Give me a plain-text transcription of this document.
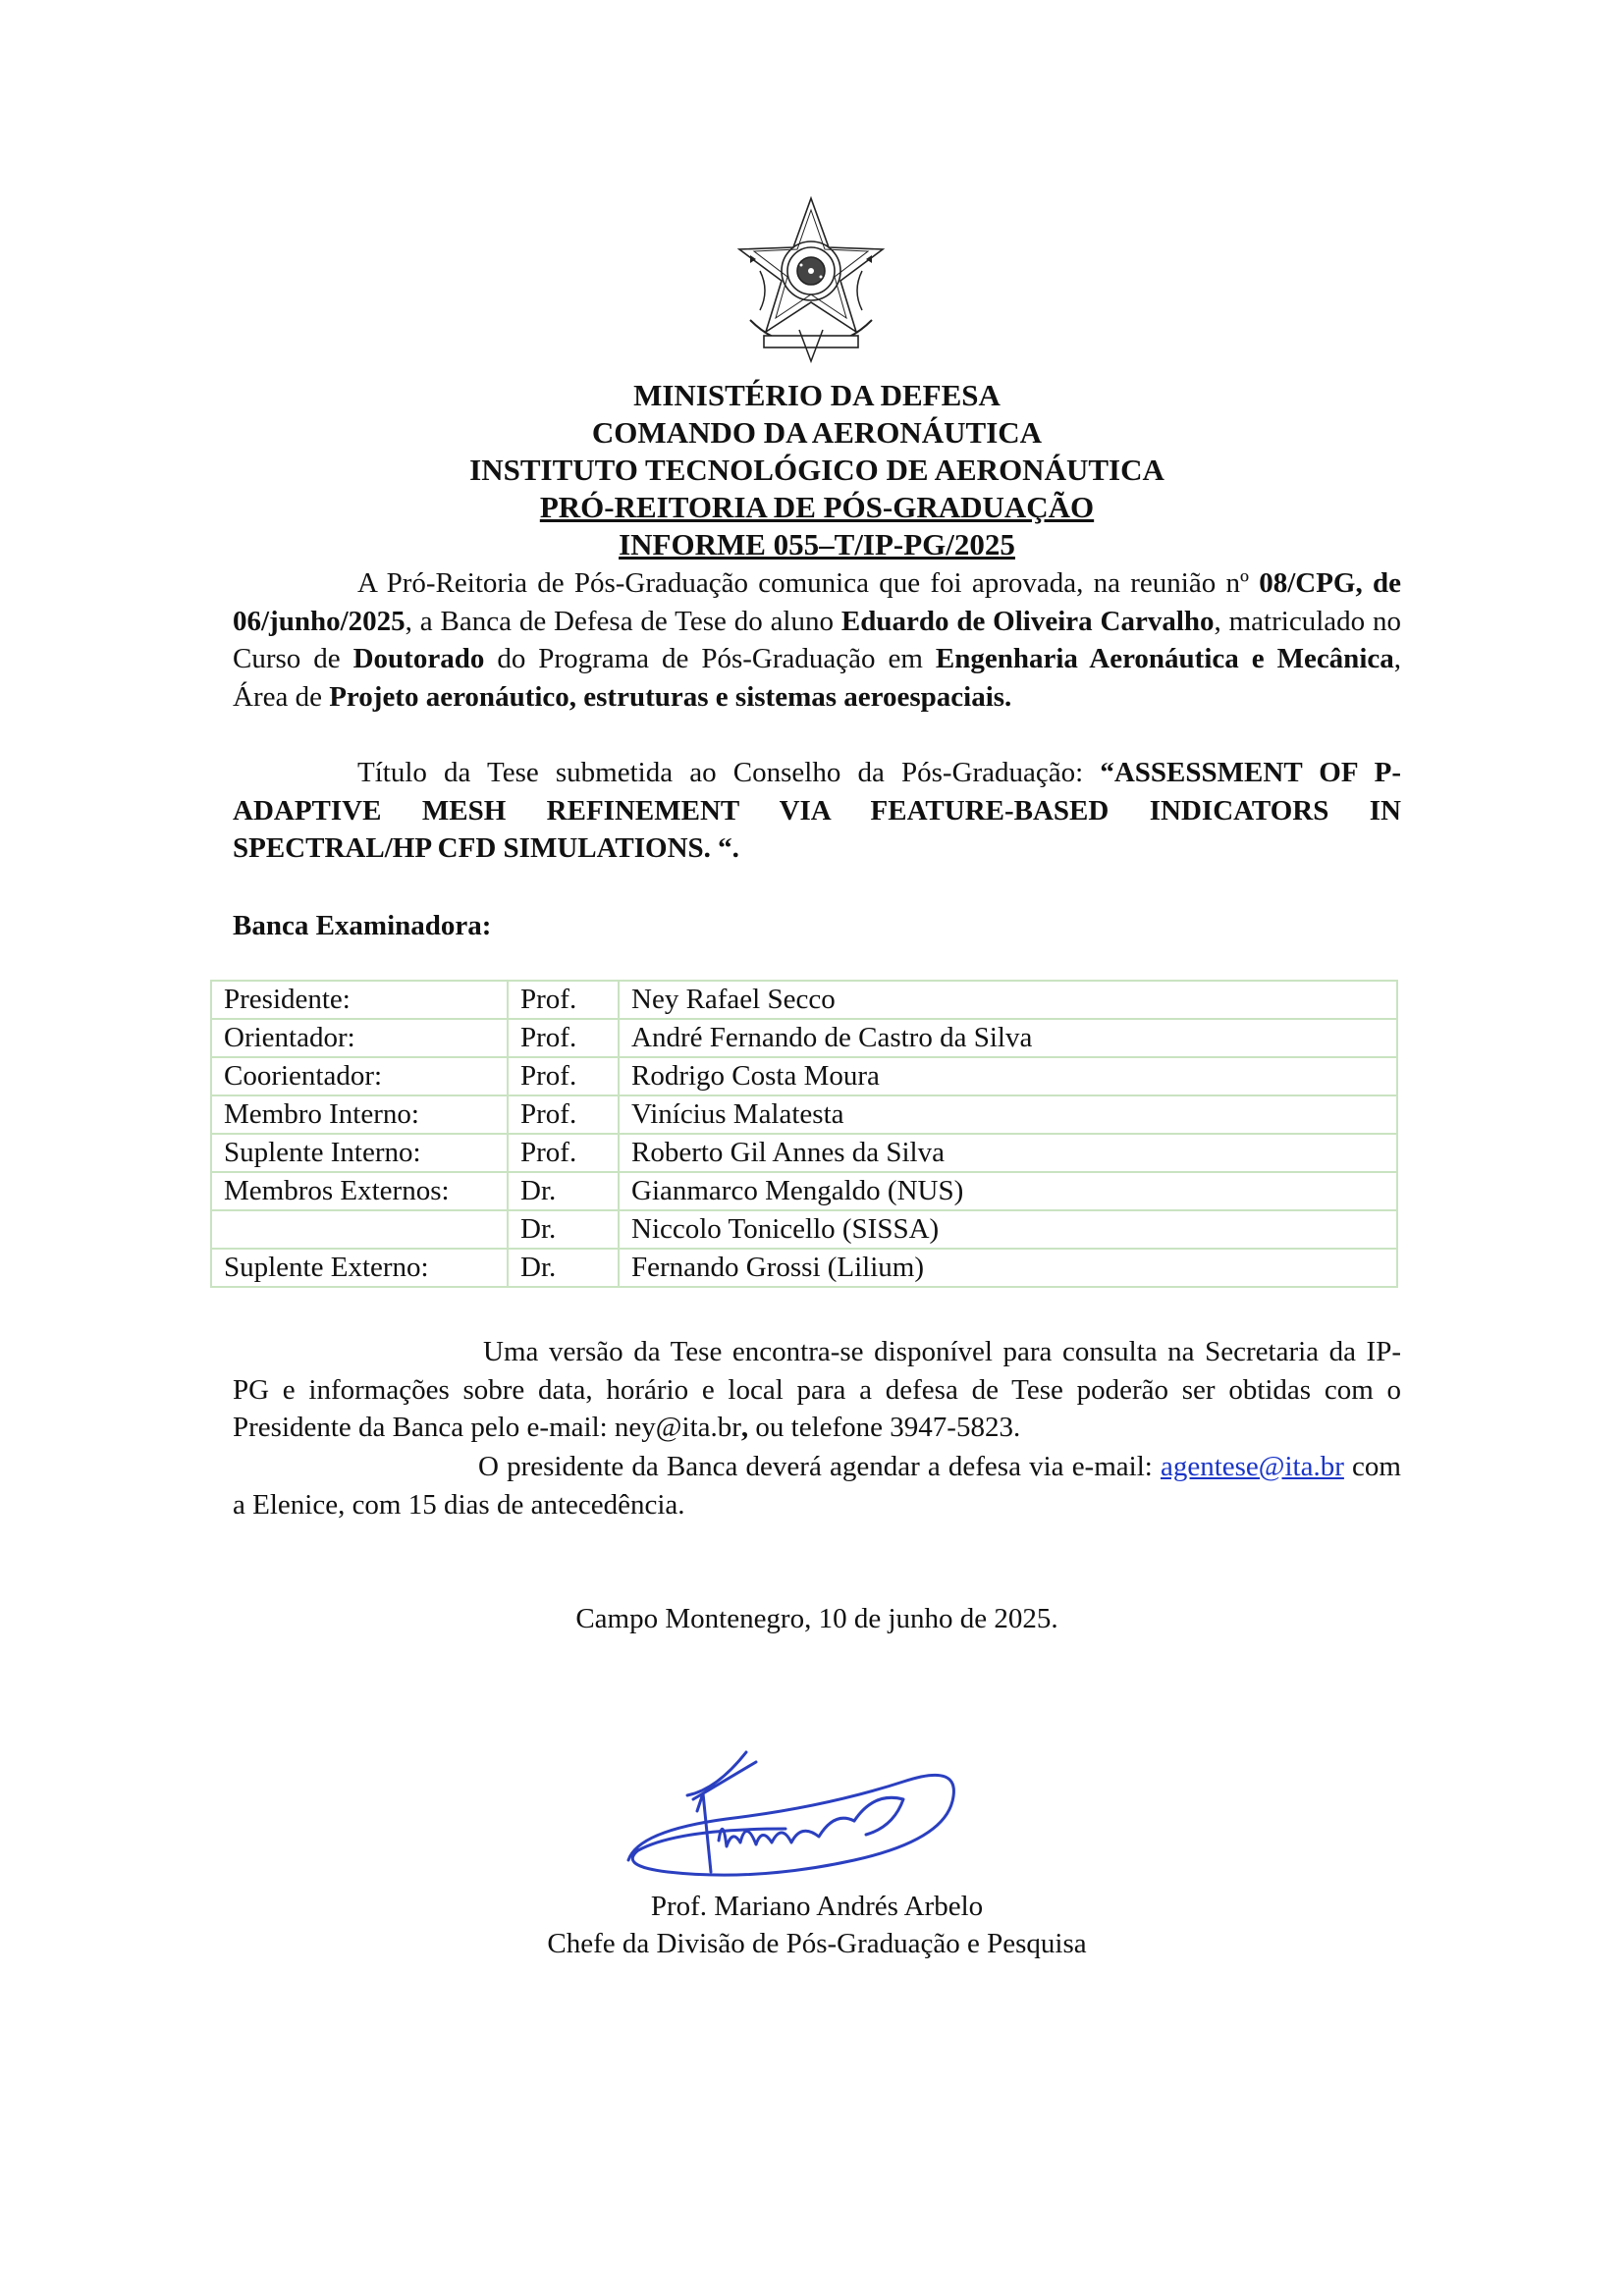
MINISTÉRIO DA DEFESA
COMANDO DA AERONÁUTICA
INSTITUTO TECNOLÓGICO DE AERONÁUTICA
PRÓ-REITORIA DE PÓS-GRADUAÇÃO
INFORME 055–T/IP-PG/2025
A Pró-Reitoria de Pós-Graduação comunica que foi aprovada, na reunião nº 08/CPG, de 06/junho/2025, a Banca de Defesa de Tese do aluno Eduardo de Oliveira Carvalho, matriculado no Curso de Doutorado do Programa de Pós-Graduação em Engenharia Aeronáutica e Mecânica, Área de Projeto aeronáutico, estruturas e sistemas aeroespaciais.
Título da Tese submetida ao Conselho da Pós-Graduação: “ASSESSMENT OF P-ADAPTIVE MESH REFINEMENT VIA FEATURE-BASED INDICATORS IN SPECTRAL/HP CFD SIMULATIONS. “.
Banca Examinadora:
Presidente:	Prof.	Ney Rafael Secco
Orientador:	Prof.	André Fernando de Castro da Silva
Coorientador:	Prof.	Rodrigo Costa Moura
Membro Interno:	Prof.	Vinícius Malatesta
Suplente Interno:	Prof.	Roberto Gil Annes da Silva
Membros Externos:	Dr.	Gianmarco Mengaldo (NUS)
	Dr.	Niccolo Tonicello (SISSA)
Suplente Externo:	Dr.	Fernando Grossi (Lilium)
Uma versão da Tese encontra-se disponível para consulta na Secretaria da IP-PG e informações sobre data, horário e local para a defesa de Tese poderão ser obtidas com o Presidente da Banca pelo e-mail: ney@ita.br, ou telefone 3947-5823.
O presidente da Banca deverá agendar a defesa via e-mail: agentese@ita.br com a Elenice, com 15 dias de antecedência.
Campo Montenegro, 10 de junho de 2025.
Prof. Mariano Andrés Arbelo
Chefe da Divisão de Pós-Graduação e Pesquisa
